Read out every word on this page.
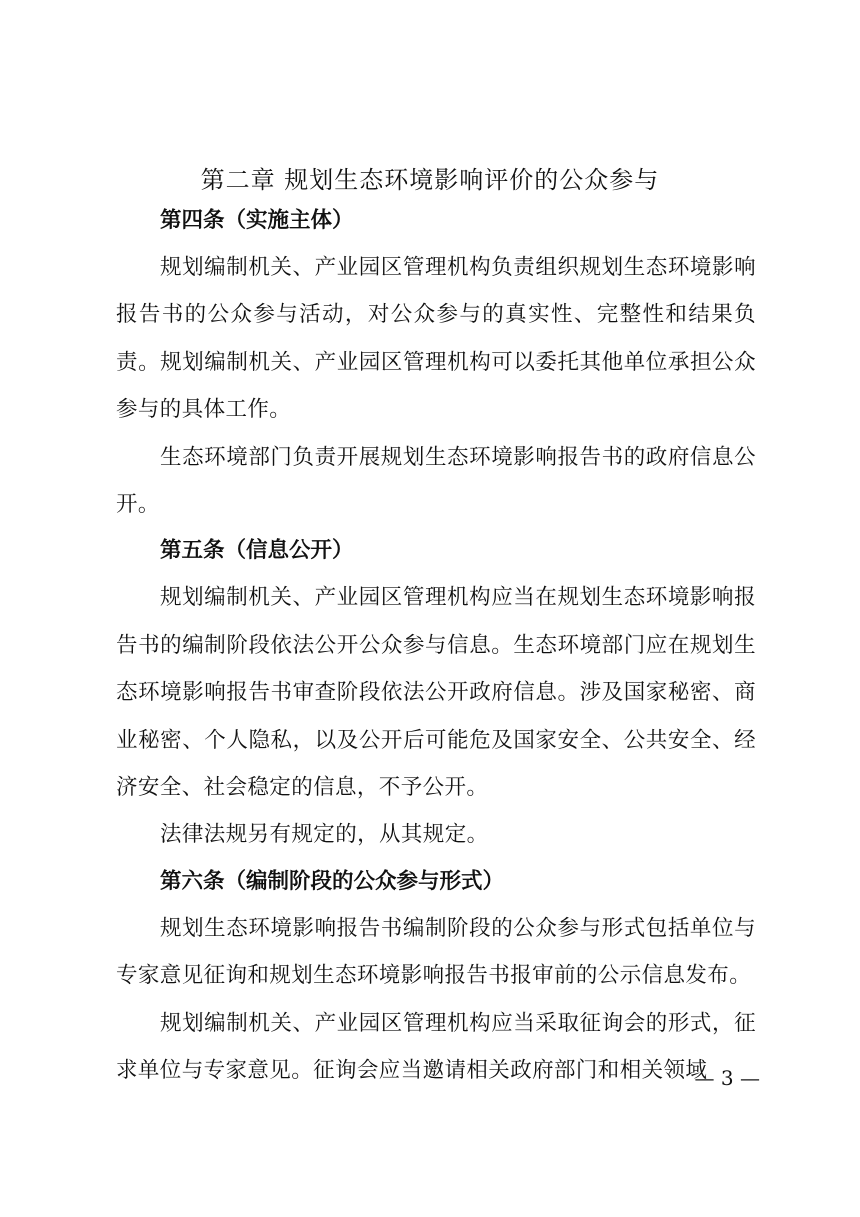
第二章 规划生态环境影响评价的公众参与

第四条（实施主体）

规划编制机关、产业园区管理机构负责组织规划生态环境影响报告书的公众参与活动，对公众参与的真实性、完整性和结果负责。规划编制机关、产业园区管理机构可以委托其他单位承担公众参与的具体工作。

生态环境部门负责开展规划生态环境影响报告书的政府信息公开。

第五条（信息公开）

规划编制机关、产业园区管理机构应当在规划生态环境影响报告书的编制阶段依法公开公众参与信息。生态环境部门应在规划生态环境影响报告书审查阶段依法公开政府信息。涉及国家秘密、商业秘密、个人隐私，以及公开后可能危及国家安全、公共安全、经济安全、社会稳定的信息，不予公开。

法律法规另有规定的，从其规定。

第六条（编制阶段的公众参与形式）

规划生态环境影响报告书编制阶段的公众参与形式包括单位与专家意见征询和规划生态环境影响报告书报审前的公示信息发布。

规划编制机关、产业园区管理机构应当采取征询会的形式，征求单位与专家意见。征询会应当邀请相关政府部门和相关领域

— 3 —
